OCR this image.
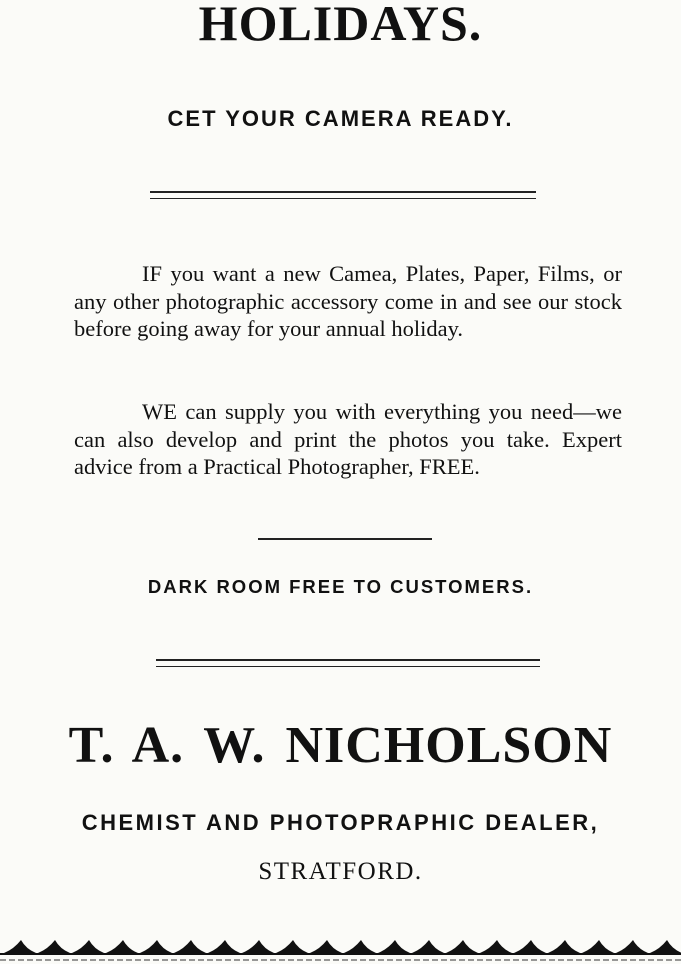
HOLIDAYS.
CET YOUR CAMERA READY.
IF you want a new Camea, Plates, Paper, Films, or any other photographic accessory come in and see our stock before going away for your annual holiday.
WE can supply you with everything you need—we can also develop and print the photos you take. Expert advice from a Practical Photographer, FREE.
DARK ROOM FREE TO CUSTOMERS.
T. A. W. NICHOLSON
CHEMIST AND PHOTOPRAPHIC DEALER,
STRATFORD.
